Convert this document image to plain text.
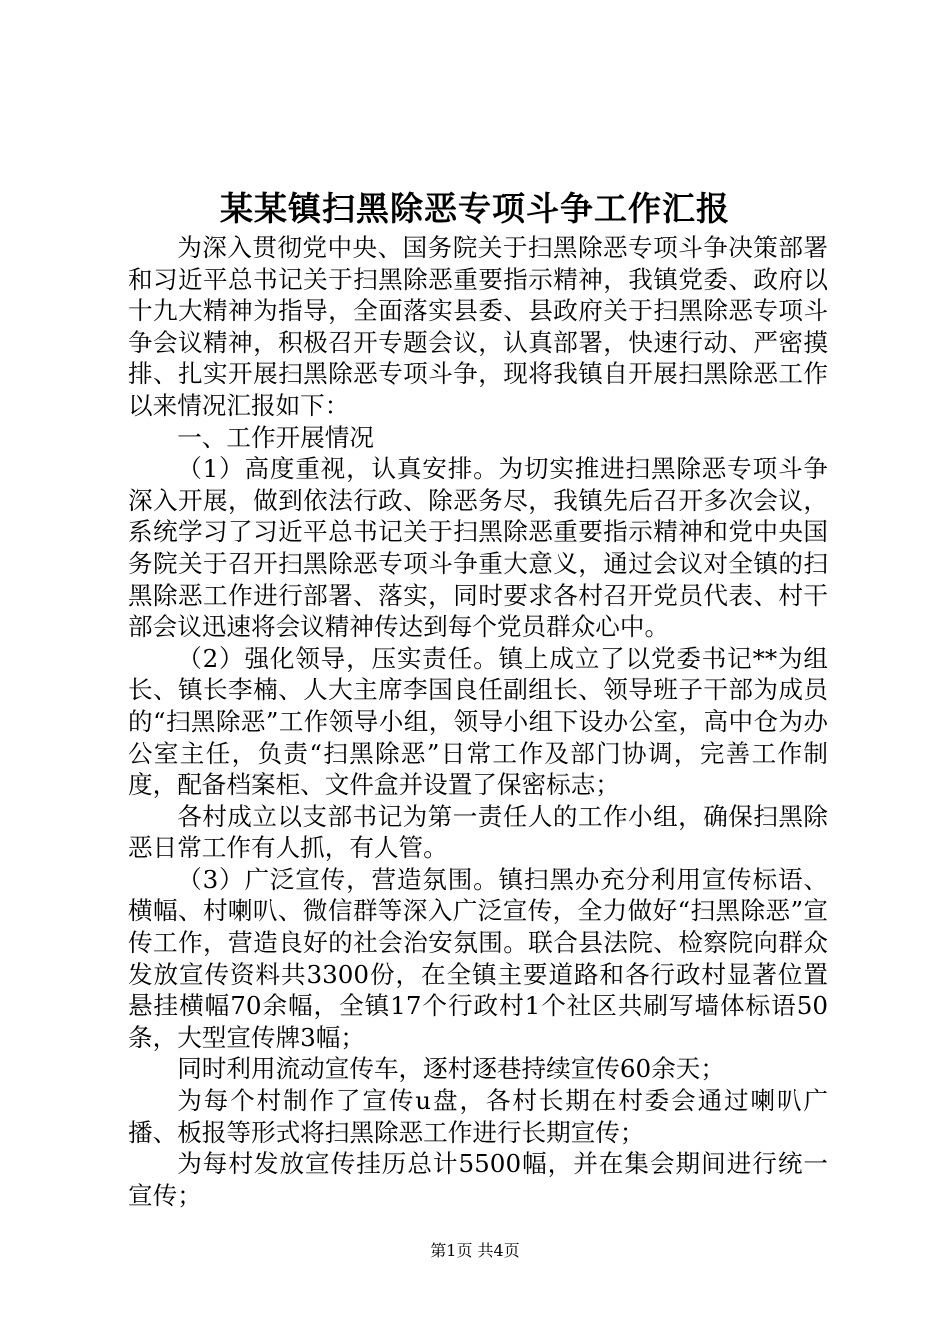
某某镇扫黑除恶专项斗争工作汇报

为深入贯彻党中央、国务院关于扫黑除恶专项斗争决策部署和习近平总书记关于扫黑除恶重要指示精神，我镇党委、政府以十九大精神为指导，全面落实县委、县政府关于扫黑除恶专项斗争会议精神，积极召开专题会议，认真部署，快速行动、严密摸排、扎实开展扫黑除恶专项斗争，现将我镇自开展扫黑除恶工作以来情况汇报如下：

一、工作开展情况

（1）高度重视，认真安排。为切实推进扫黑除恶专项斗争深入开展，做到依法行政、除恶务尽，我镇先后召开多次会议，系统学习了习近平总书记关于扫黑除恶重要指示精神和党中央国务院关于召开扫黑除恶专项斗争重大意义，通过会议对全镇的扫黑除恶工作进行部署、落实，同时要求各村召开党员代表、村干部会议迅速将会议精神传达到每个党员群众心中。

（2）强化领导，压实责任。镇上成立了以党委书记**为组长、镇长李楠、人大主席李国良任副组长、领导班子干部为成员的“扫黑除恶”工作领导小组，领导小组下设办公室，高中仓为办公室主任，负责“扫黑除恶”日常工作及部门协调，完善工作制度，配备档案柜、文件盒并设置了保密标志；

各村成立以支部书记为第一责任人的工作小组，确保扫黑除恶日常工作有人抓，有人管。

（3）广泛宣传，营造氛围。镇扫黑办充分利用宣传标语、横幅、村喇叭、微信群等深入广泛宣传，全力做好“扫黑除恶”宣传工作，营造良好的社会治安氛围。联合县法院、检察院向群众发放宣传资料共3300份，在全镇主要道路和各行政村显著位置悬挂横幅70余幅，全镇17个行政村1个社区共刷写墙体标语50条，大型宣传牌3幅；

同时利用流动宣传车，逐村逐巷持续宣传60余天；

为每个村制作了宣传u盘，各村长期在村委会通过喇叭广播、板报等形式将扫黑除恶工作进行长期宣传；

为每村发放宣传挂历总计5500幅，并在集会期间进行统一宣传；

第1页 共4页
